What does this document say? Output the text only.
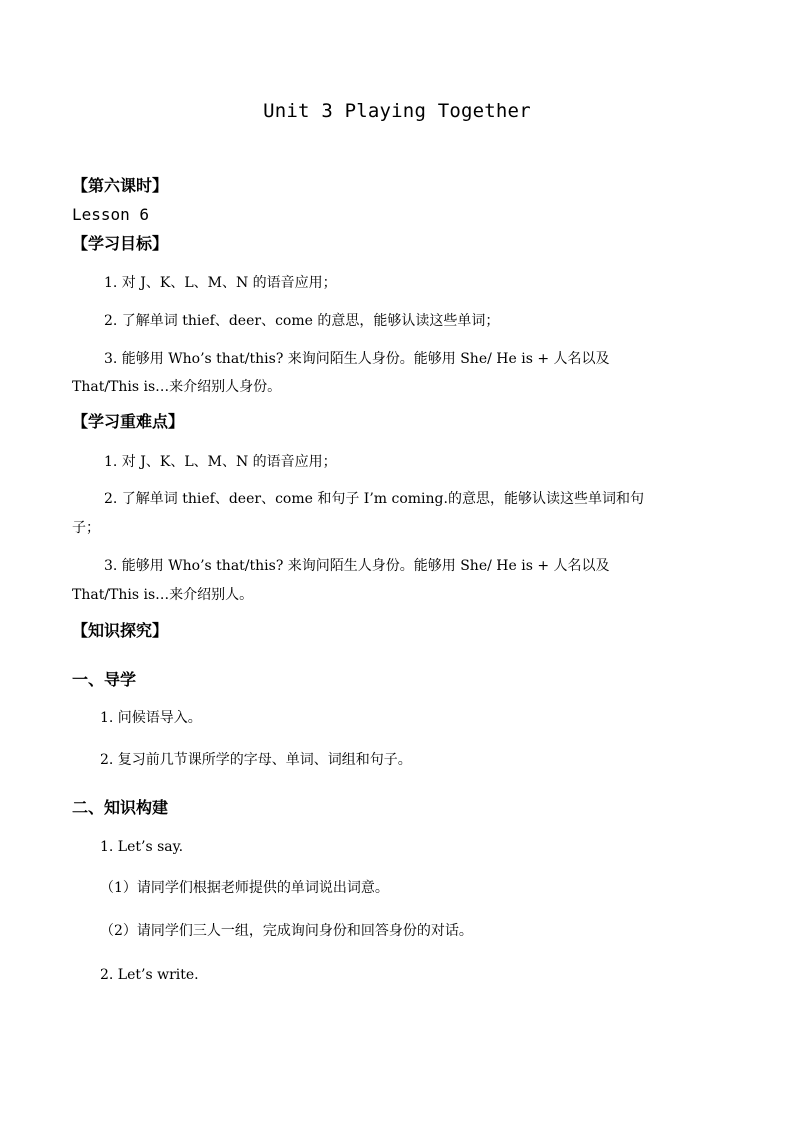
Unit 3 Playing Together
【第六课时】
Lesson 6
【学习目标】
1. 对 J、K、L、M、N 的语音应用；
2. 了解单词 thief、deer、come 的意思，能够认读这些单词；
3. 能够用 Who’s that/this? 来询问陌生人身份。能够用 She/ He is + 人名以及
That/This is…来介绍别人身份。
【学习重难点】
1. 对 J、K、L、M、N 的语音应用；
2. 了解单词 thief、deer、come 和句子 I’m coming.的意思，能够认读这些单词和句
子；
3. 能够用 Who’s that/this? 来询问陌生人身份。能够用 She/ He is + 人名以及
That/This is…来介绍别人。
【知识探究】
一、导学
1. 问候语导入。
2. 复习前几节课所学的字母、单词、词组和句子。
二、知识构建
1. Let’s say.
（1）请同学们根据老师提供的单词说出词意。
（2）请同学们三人一组，完成询问身份和回答身份的对话。
2. Let’s write.
